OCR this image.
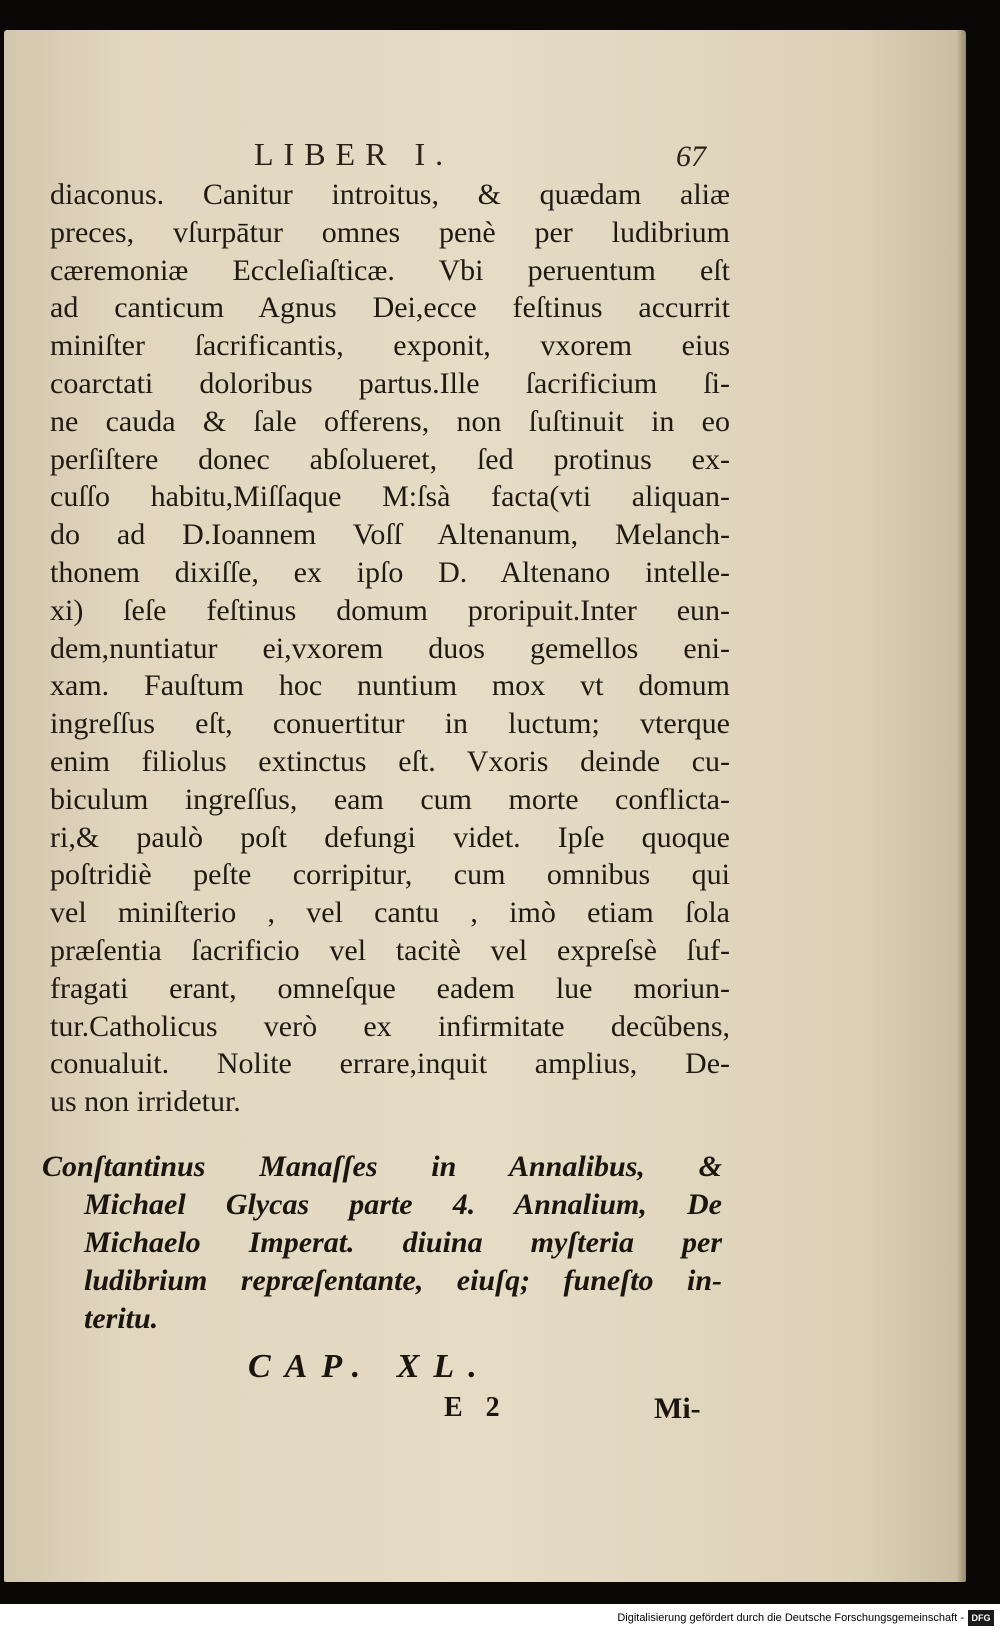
LIBER I.	67
diaconus. Canitur introitus, & quædam aliæ
preces, vſurpātur omnes penè per ludibrium
cæremoniæ Eccleſiaſticæ. Vbi peruentum eſt
ad canticum Agnus Dei,ecce feſtinus accurrit
miniſter ſacrificantis, exponit, vxorem eius
coarctati doloribus partus.Ille ſacrificium ſi-
ne cauda & ſale offerens, non ſuſtinuit in eo
perſiſtere donec abſolueret, ſed protinus ex-
cuſſo habitu,Miſſaque M:ſsà facta(vti aliquan-
do ad D.Ioannem Voſſ Altenanum, Melanch-
thonem dixiſſe, ex ipſo D. Altenano intelle-
xi) ſeſe feſtinus domum proripuit.Inter eun-
dem,nuntiatur ei,vxorem duos gemellos eni-
xam. Fauſtum hoc nuntium mox vt domum
ingreſſus eſt, conuertitur in luctum; vterque
enim filiolus extinctus eſt. Vxoris deinde cu-
biculum ingreſſus, eam cum morte conflicta-
ri,& paulò poſt defungi videt. Ipſe quoque
poſtridiè peſte corripitur, cum omnibus qui
vel miniſterio , vel cantu , imò etiam ſola
præſentia ſacrificio vel tacitè vel expreſsè ſuf-
fragati erant, omneſque eadem lue moriun-
tur.Catholicus verò ex infirmitate decũbens,
conualuit. Nolite errare,inquit amplius, De-
us non irridetur.
Conſtantinus Manaſſes in Annalibus, &
Michael Glycas parte 4. Annalium, De
Michaelo Imperat. diuina myſteria per
ludibrium repræſentante, eiuſq; funeſto in-
teritu.
CAP. XL.
E 2	Mi-
Digitalisierung gefördert durch die Deutsche Forschungsgemeinschaft - DFG
